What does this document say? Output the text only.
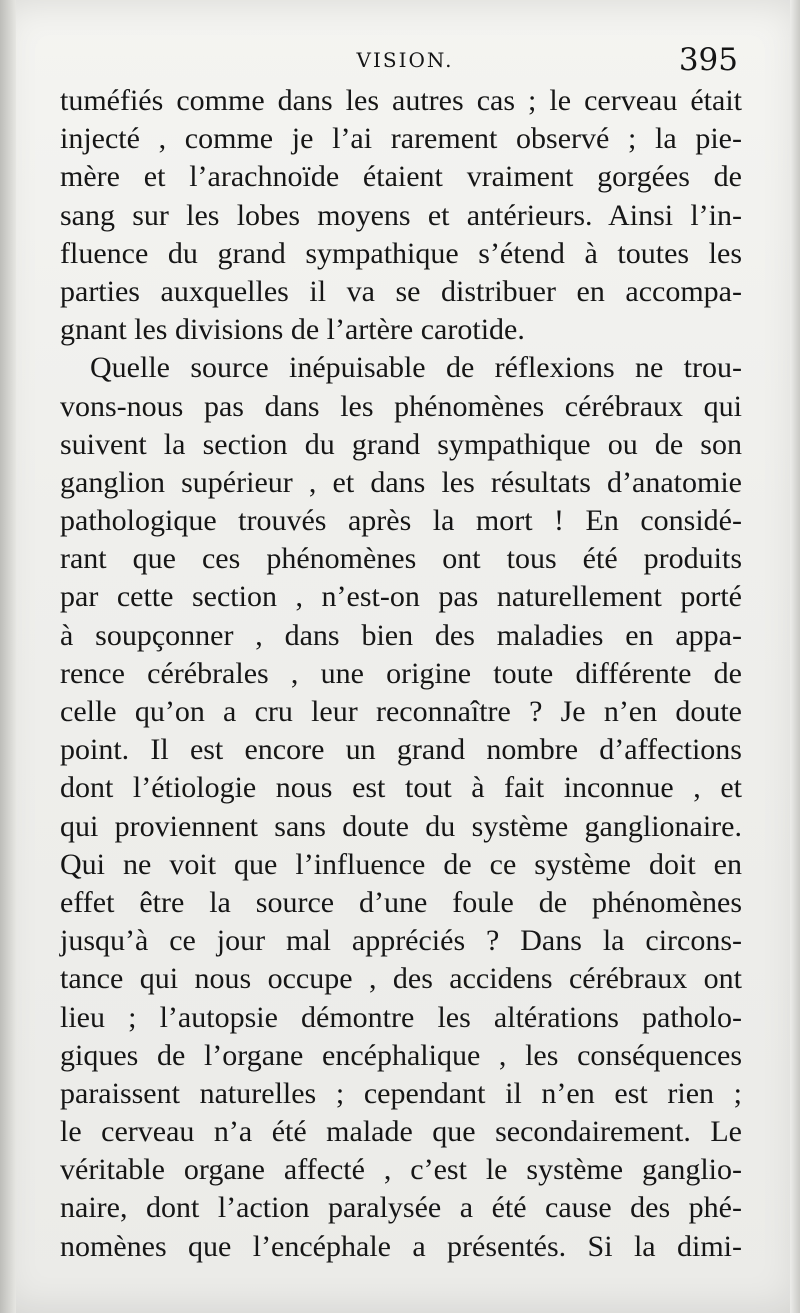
VISION.	395
tuméfiés comme dans les autres cas ; le cerveau était
injecté , comme je l’ai rarement observé ; la pie-
mère et l’arachnoïde étaient vraiment gorgées de
sang sur les lobes moyens et antérieurs. Ainsi l’in-
fluence du grand sympathique s’étend à toutes les
parties auxquelles il va se distribuer en accompa-
gnant les divisions de l’artère carotide.
Quelle source inépuisable de réflexions ne trou-
vons-nous pas dans les phénomènes cérébraux qui
suivent la section du grand sympathique ou de son
ganglion supérieur , et dans les résultats d’anatomie
pathologique trouvés après la mort ! En considé-
rant que ces phénomènes ont tous été produits
par cette section , n’est-on pas naturellement porté
à soupçonner , dans bien des maladies en appa-
rence cérébrales , une origine toute différente de
celle qu’on a cru leur reconnaître ? Je n’en doute
point. Il est encore un grand nombre d’affections
dont l’étiologie nous est tout à fait inconnue , et
qui proviennent sans doute du système ganglionaire.
Qui ne voit que l’influence de ce système doit en
effet être la source d’une foule de phénomènes
jusqu’à ce jour mal appréciés ? Dans la circons-
tance qui nous occupe , des accidens cérébraux ont
lieu ; l’autopsie démontre les altérations patholo-
giques de l’organe encéphalique , les conséquences
paraissent naturelles ; cependant il n’en est rien ;
le cerveau n’a été malade que secondairement. Le
véritable organe affecté , c’est le système ganglio-
naire, dont l’action paralysée a été cause des phé-
nomènes que l’encéphale a présentés. Si la dimi-
